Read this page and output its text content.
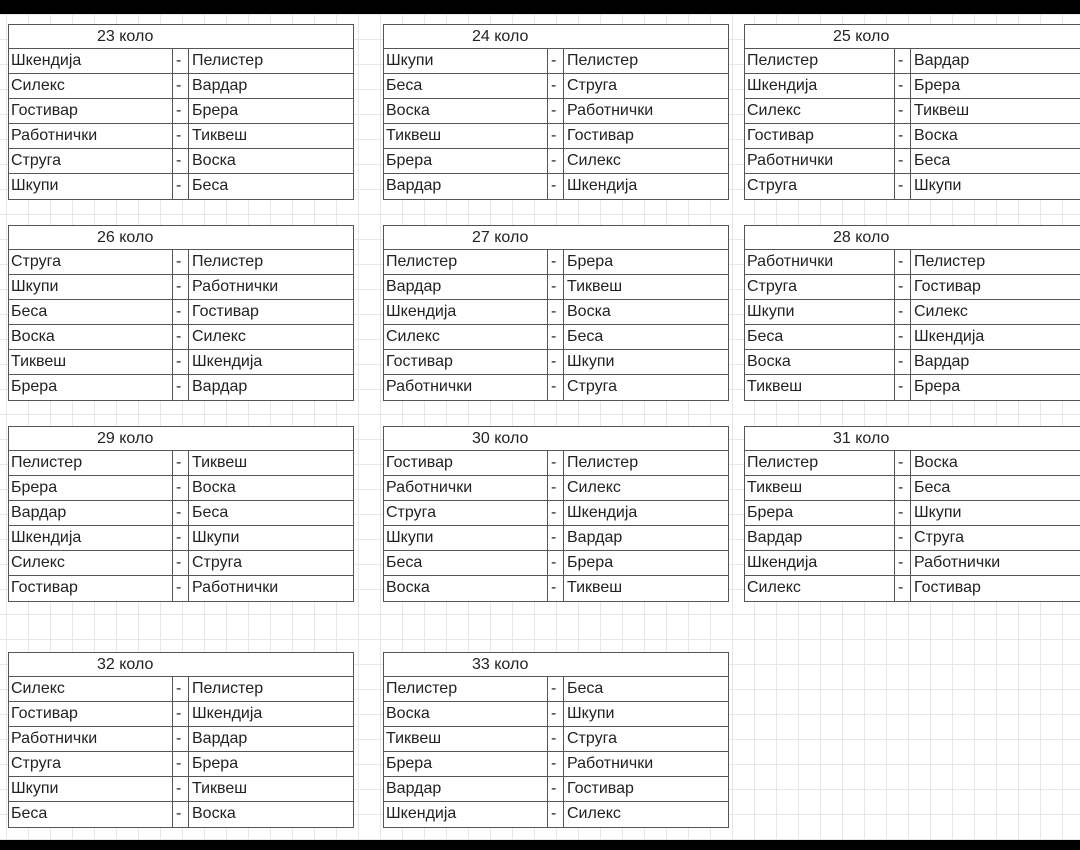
23 коло
Шкендија	- Пелистер
Силекс	- Вардар
Гостивар	- Брера
Работнички	- Тиквеш
Струга	- Воска
Шкупи	- Беса
24 коло
Шкупи	- Пелистер
Беса	- Струга
Воска	- Работнички
Тиквеш	- Гостивар
Брера	- Силекс
Вардар	- Шкендија
25 коло
Пелистер	- Вардар
Шкендија	- Брера
Силекс	- Тиквеш
Гостивар	- Воска
Работнички	- Беса
Струга	- Шкупи
26 коло
Струга	- Пелистер
Шкупи	- Работнички
Беса	- Гостивар
Воска	- Силекс
Тиквеш	- Шкендија
Брера	- Вардар
27 коло
Пелистер	- Брера
Вардар	- Тиквеш
Шкендија	- Воска
Силекс	- Беса
Гостивар	- Шкупи
Работнички	- Струга
28 коло
Работнички	- Пелистер
Струга	- Гостивар
Шкупи	- Силекс
Беса	- Шкендија
Воска	- Вардар
Тиквеш	- Брера
29 коло
Пелистер	- Тиквеш
Брера	- Воска
Вардар	- Беса
Шкендија	- Шкупи
Силекс	- Струга
Гостивар	- Работнички
30 коло
Гостивар	- Пелистер
Работнички	- Силекс
Струга	- Шкендија
Шкупи	- Вардар
Беса	- Брера
Воска	- Тиквеш
31 коло
Пелистер	- Воска
Тиквеш	- Беса
Брера	- Шкупи
Вардар	- Струга
Шкендија	- Работнички
Силекс	- Гостивар
32 коло
Силекс	- Пелистер
Гостивар	- Шкендија
Работнички	- Вардар
Струга	- Брера
Шкупи	- Тиквеш
Беса	- Воска
33 коло
Пелистер	- Беса
Воска	- Шкупи
Тиквеш	- Струга
Брера	- Работнички
Вардар	- Гостивар
Шкендија	- Силекс
